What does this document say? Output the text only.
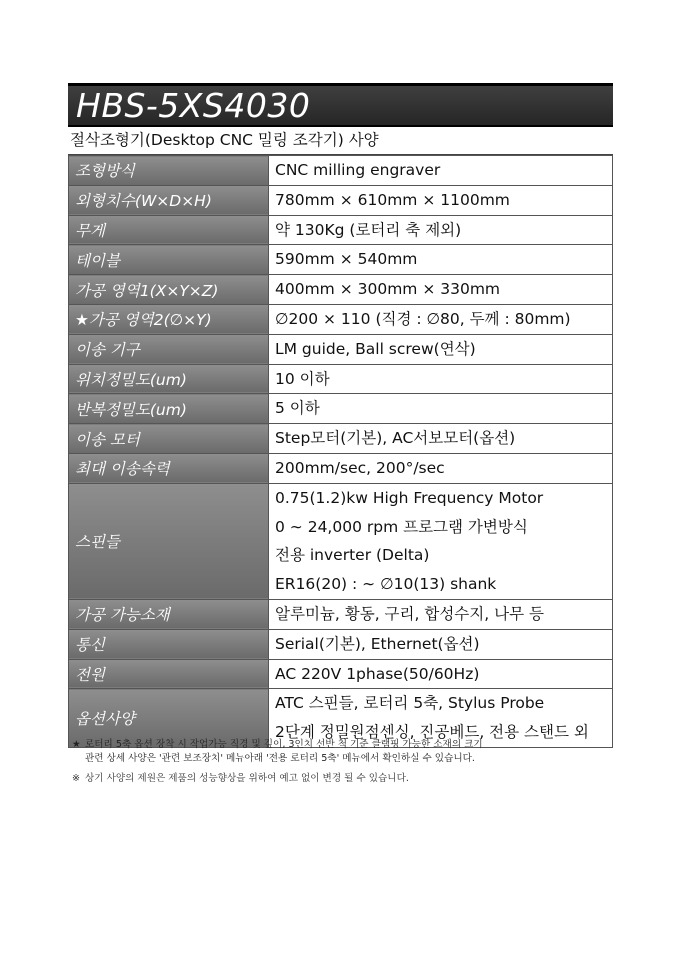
HBS-5XS4030
절삭조형기(Desktop CNC 밀링 조각기) 사양
조형방식	CNC milling engraver

외형치수(W×D×H)	780mm × 610mm × 1100mm

무게	약 130Kg (로터리 축 제외)

테이블	590mm × 540mm

가공 영역1(X×Y×Z)	400mm × 300mm × 330mm

★가공 영역2(∅×Y)	∅200 × 110 (직경 : ∅80, 두께 : 80mm)

이송 기구	LM guide, Ball screw(연삭)

위치정밀도(um)	10 이하

반복정밀도(um)	5 이하

이송 모터	Step모터(기본), AC서보모터(옵션)

최대 이송속력	200mm/sec, 200°/sec

스핀들	0.75(1.2)kw High Frequency Motor
0 ∼ 24,000 rpm 프로그램 가변방식
전용 inverter (Delta)
ER16(20) : ∼ ∅10(13) shank

가공 가능소재	알루미늄, 황동, 구리, 합성수지, 나무 등

통신	Serial(기본), Ethernet(옵션)

전원	AC 220V 1phase(50/60Hz)

옵션사양	ATC 스핀들, 로터리 5축, Stylus Probe
2단계 정밀원점센싱, 진공베드, 전용 스탠드 외
★ 로터리 5축 옵션 장착 시 작업가능 직경 및 깊이, 3인치 선반 척 기준 클램핑 가능한 소재의 크기
관련 상세 사양은 '관련 보조장치' 메뉴아래 '전용 로터리 5축' 메뉴에서 확인하실 수 있습니다.
※ 상기 사양의 제원은 제품의 성능향상을 위하여 예고 없이 변경 될 수 있습니다.
